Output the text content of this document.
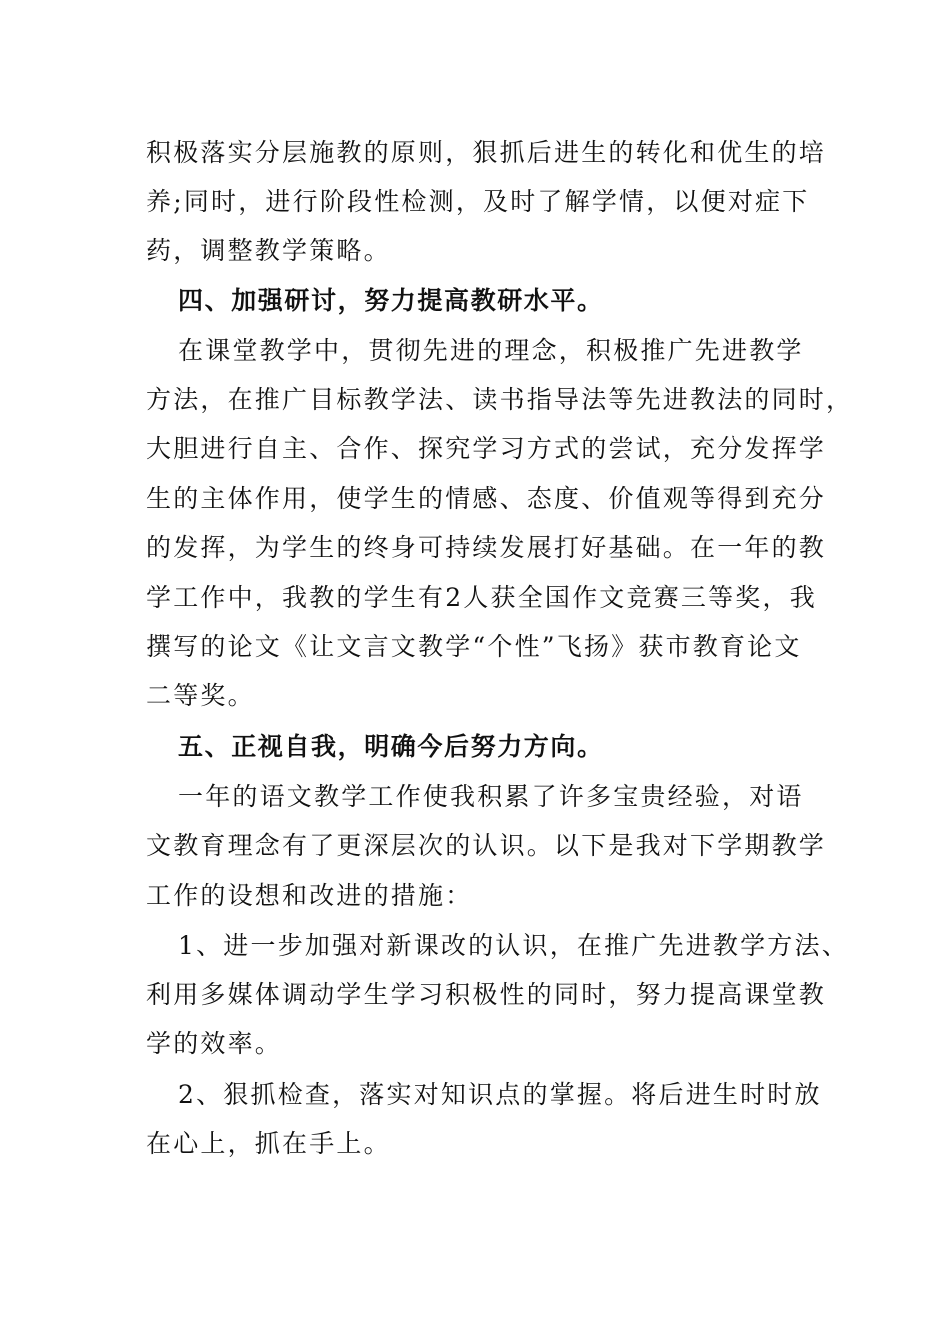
积极落实分层施教的原则，狠抓后进生的转化和优生的培
养;同时，进行阶段性检测，及时了解学情，以便对症下
药，调整教学策略。
四、加强研讨，努力提高教研水平。
在课堂教学中，贯彻先进的理念，积极推广先进教学
方法，在推广目标教学法、读书指导法等先进教法的同时，
大胆进行自主、合作、探究学习方式的尝试，充分发挥学
生的主体作用，使学生的情感、态度、价值观等得到充分
的发挥，为学生的终身可持续发展打好基础。在一年的教
学工作中，我教的学生有2人获全国作文竞赛三等奖，我
撰写的论文《让文言文教学“个性”飞扬》获市教育论文
二等奖。
五、正视自我，明确今后努力方向。
一年的语文教学工作使我积累了许多宝贵经验，对语
文教育理念有了更深层次的认识。以下是我对下学期教学
工作的设想和改进的措施：
1、进一步加强对新课改的认识，在推广先进教学方法、
利用多媒体调动学生学习积极性的同时，努力提高课堂教
学的效率。
2、狠抓检查，落实对知识点的掌握。将后进生时时放
在心上，抓在手上。
